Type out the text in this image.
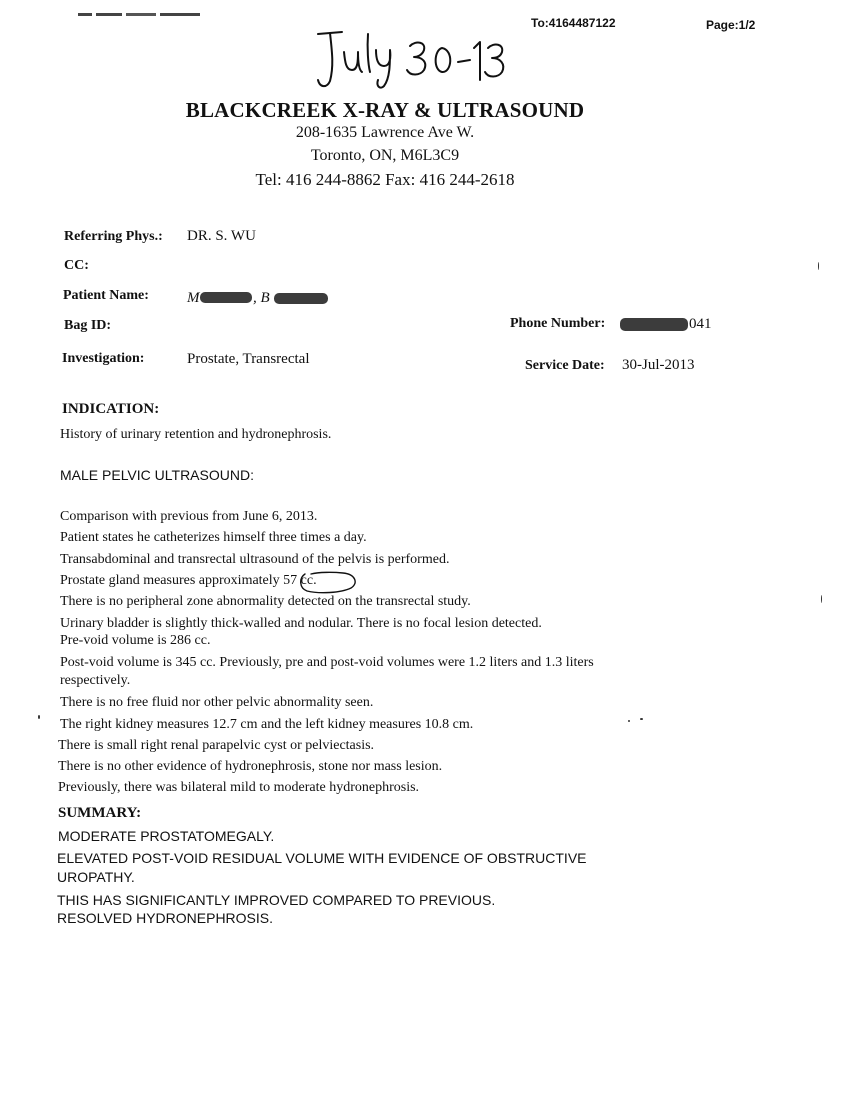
To:4164487122	Page:1/2
BLACKCREEK X-RAY & ULTRASOUND
208-1635 Lawrence Ave W.
Toronto, ON, M6L3C9
Tel: 416 244-8862 Fax: 416 244-2618
Referring Phys.: DR. S. WU
CC:
Patient Name:	M	, B
Bag ID:	Phone Number:	041
Investigation:	Prostate, Transrectal	Service Date: 30-Jul-2013
INDICATION:
History of urinary retention and hydronephrosis.
MALE PELVIC ULTRASOUND:
Comparison with previous from June 6, 2013.
Patient states he catheterizes himself three times a day.
Transabdominal and transrectal ultrasound of the pelvis is performed.
Prostate gland measures approximately 57 cc.
There is no peripheral zone abnormality detected on the transrectal study.
Urinary bladder is slightly thick-walled and nodular. There is no focal lesion detected.
Pre-void volume is 286 cc.
Post-void volume is 345 cc. Previously, pre and post-void volumes were 1.2 liters and 1.3 liters
respectively.
There is no free fluid nor other pelvic abnormality seen.
The right kidney measures 12.7 cm and the left kidney measures 10.8 cm.
There is small right renal parapelvic cyst or pelviectasis.
There is no other evidence of hydronephrosis, stone nor mass lesion.
Previously, there was bilateral mild to moderate hydronephrosis.
SUMMARY:
MODERATE PROSTATOMEGALY.
ELEVATED POST-VOID RESIDUAL VOLUME WITH EVIDENCE OF OBSTRUCTIVE
UROPATHY.
THIS HAS SIGNIFICANTLY IMPROVED COMPARED TO PREVIOUS.
RESOLVED HYDRONEPHROSIS.
